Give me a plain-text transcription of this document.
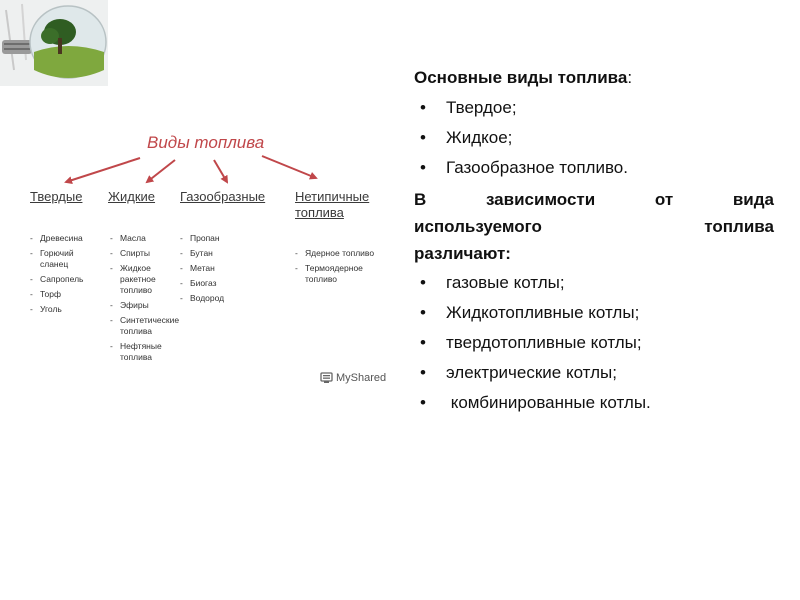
Виды топлива
Твердые Жидкие Газообразные Нетипичные топлива
- Древесина
- Горючий сланец
- Сапропель
- Торф
- Уголь
- Масла
- Спирты
- Жидкое ракетное топливо
- Эфиры
- Синтетические топлива
- Нефтяные топлива
- Пропан
- Бутан
- Метан
- Биогаз
- Водород
- Ядерное топливо
- Термоядерное топливо
MyShared
Основные виды топлива:
• Твердое;
• Жидкое;
• Газообразное топливо.
В зависимости от вида
используемого топлива
различают:
• газовые котлы;
• Жидкотопливные котлы;
• твердотопливные котлы;
• электрические котлы;
•  комбинированные котлы.
